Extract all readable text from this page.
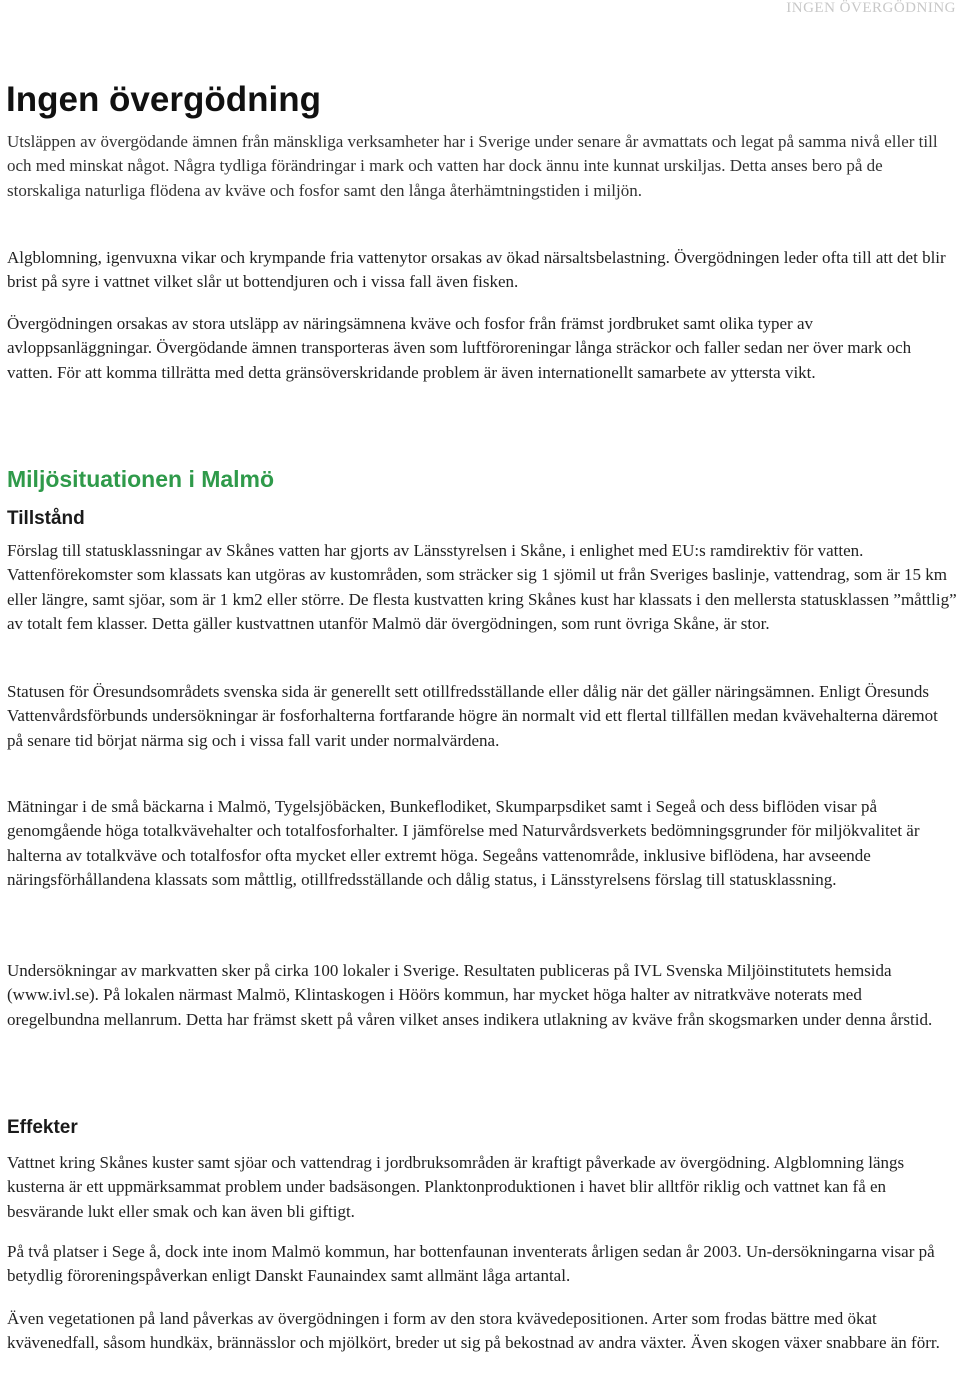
INGEN ÖVERGÖDNING
Ingen övergödning

Utsläppen av övergödande ämnen från mänskliga verksamheter har i Sverige under senare år avmattats och legat på samma nivå eller till och med minskat något. Några tydliga förändringar i mark och vatten har dock ännu inte kunnat urskiljas. Detta anses bero på de storskaliga naturliga flödena av kväve och fosfor samt den långa återhämtningstiden i miljön.

Algblomning, igenvuxna vikar och krympande fria vattenytor orsakas av ökad närsaltsbelastning. Övergödningen leder ofta till att det blir brist på syre i vattnet vilket slår ut bottendjuren och i vissa fall även fisken.

Övergödningen orsakas av stora utsläpp av näringsämnena kväve och fosfor från främst jordbruket samt olika typer av avloppsanläggningar. Övergödande ämnen transporteras även som luftföroreningar långa sträckor och faller sedan ner över mark och vatten. För att komma tillrätta med detta gränsöverskridande problem är även internationellt samarbete av yttersta vikt.

Miljösituationen i Malmö
Tillstånd

Förslag till statusklassningar av Skånes vatten har gjorts av Länsstyrelsen i Skåne, i enlighet med EU:s ramdirektiv för vatten. Vattenförekomster som klassats kan utgöras av kustområden, som sträcker sig 1 sjömil ut från Sveriges baslinje, vattendrag, som är 15 km eller längre, samt sjöar, som är 1 km2 eller större. De flesta kustvatten kring Skånes kust har klassats i den mellersta statusklassen ”måttlig” av totalt fem klasser. Detta gäller kustvattnen utanför Malmö där övergödningen, som runt övriga Skåne, är stor.

Statusen för Öresundsområdets svenska sida är generellt sett otillfredsställande eller dålig när det gäller näringsämnen. Enligt Öresunds Vattenvårdsförbunds undersökningar är fosforhalterna fortfarande högre än normalt vid ett flertal tillfällen medan kvävehalterna däremot på senare tid börjat närma sig och i vissa fall varit under normalvärdena.

Mätningar i de små bäckarna i Malmö, Tygelsjöbäcken, Bunkeflodiket, Skumparpsdiket samt i Segeå och dess biflöden visar på genomgående höga totalkvävehalter och totalfosforhalter. I jämförelse med Naturvårdsverkets bedömningsgrunder för miljökvalitet är halterna av totalkväve och totalfosfor ofta mycket eller extremt höga. Segeåns vattenområde, inklusive biflödena, har avseende näringsförhållandena klassats som måttlig, otillfredsställande och dålig status, i Länsstyrelsens förslag till statusklassning.

Undersökningar av markvatten sker på cirka 100 lokaler i Sverige. Resultaten publiceras på IVL Svenska Miljöinstitutets hemsida (www.ivl.se). På lokalen närmast Malmö, Klintaskogen i Höörs kommun, har mycket höga halter av nitratkväve noterats med oregelbundna mellanrum. Detta har främst skett på våren vilket anses indikera utlakning av kväve från skogsmarken under denna årstid.

Effekter

Vattnet kring Skånes kuster samt sjöar och vattendrag i jordbruksområden är kraftigt påverkade av övergödning. Algblomning längs kusterna är ett uppmärksammat problem under badsäsongen. Planktonproduktionen i havet blir alltför riklig och vattnet kan få en besvärande lukt eller smak och kan även bli giftigt.

På två platser i Sege å, dock inte inom Malmö kommun, har bottenfaunan inventerats årligen sedan år 2003. Un-dersökningarna visar på betydlig föroreningspåverkan enligt Danskt Faunaindex samt allmänt låga artantal.

Även vegetationen på land påverkas av övergödningen i form av den stora kvävedepositionen. Arter som frodas bättre med ökat kvävenedfall, såsom hundkäx, brännässlor och mjölkört, breder ut sig på bekostnad av andra växter. Även skogen växer snabbare än förr.
